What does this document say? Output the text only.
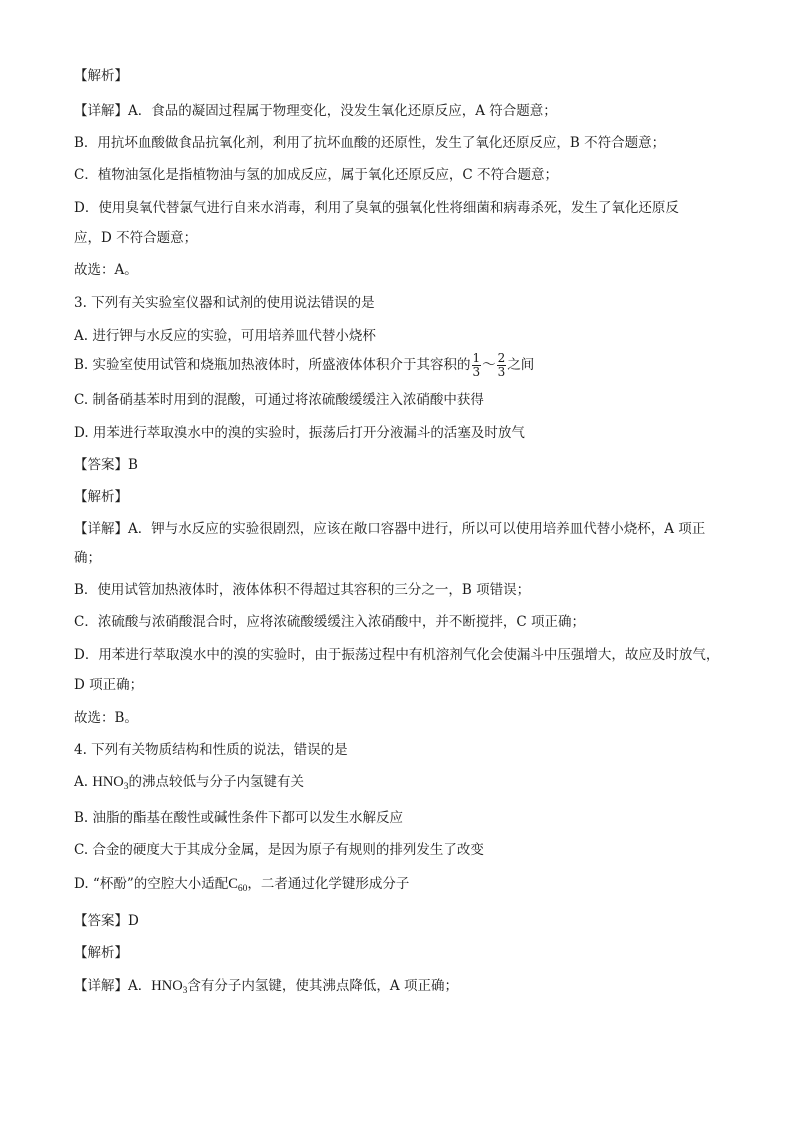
【解析】
【详解】A．食品的凝固过程属于物理变化，没发生氧化还原反应，A 符合题意；
B．用抗坏血酸做食品抗氧化剂，利用了抗坏血酸的还原性，发生了氧化还原反应，B 不符合题意；
C．植物油氢化是指植物油与氢的加成反应，属于氧化还原反应，C 不符合题意；
D．使用臭氧代替氯气进行自来水消毒，利用了臭氧的强氧化性将细菌和病毒杀死，发生了氧化还原反
应，D 不符合题意；
故选：A。
3. 下列有关实验室仪器和试剂的使用说法错误的是
A. 进行钾与水反应的实验，可用培养皿代替小烧杯
B. 实验室使用试管和烧瓶加热液体时，所盛液体体积介于其容积的 $\frac{1}{3}$ ～ $\frac{2}{3}$ 之间
C. 制备硝基苯时用到的混酸，可通过将浓硫酸缓缓注入浓硝酸中获得
D. 用苯进行萃取溴水中的溴的实验时，振荡后打开分液漏斗的活塞及时放气
【答案】B
【解析】
【详解】A．钾与水反应的实验很剧烈，应该在敞口容器中进行，所以可以使用培养皿代替小烧杯，A 项正
确；
B．使用试管加热液体时，液体体积不得超过其容积的三分之一，B 项错误；
C．浓硫酸与浓硝酸混合时，应将浓硫酸缓缓注入浓硝酸中，并不断搅拌，C 项正确；
D．用苯进行萃取溴水中的溴的实验时，由于振荡过程中有机溶剂气化会使漏斗中压强增大，故应及时放气，
D 项正确；
故选：B。
4. 下列有关物质结构和性质的说法，错误的是
A. $HNO_3$的沸点较低与分子内氢键有关
B. 油脂的酯基在酸性或碱性条件下都可以发生水解反应
C. 合金的硬度大于其成分金属，是因为原子有规则的排列发生了改变
D. “杯酚”的空腔大小适配$C_{60}$，二者通过化学键形成分子
【答案】D
【解析】
【详解】A．$HNO_3$含有分子内氢键，使其沸点降低，A 项正确；
